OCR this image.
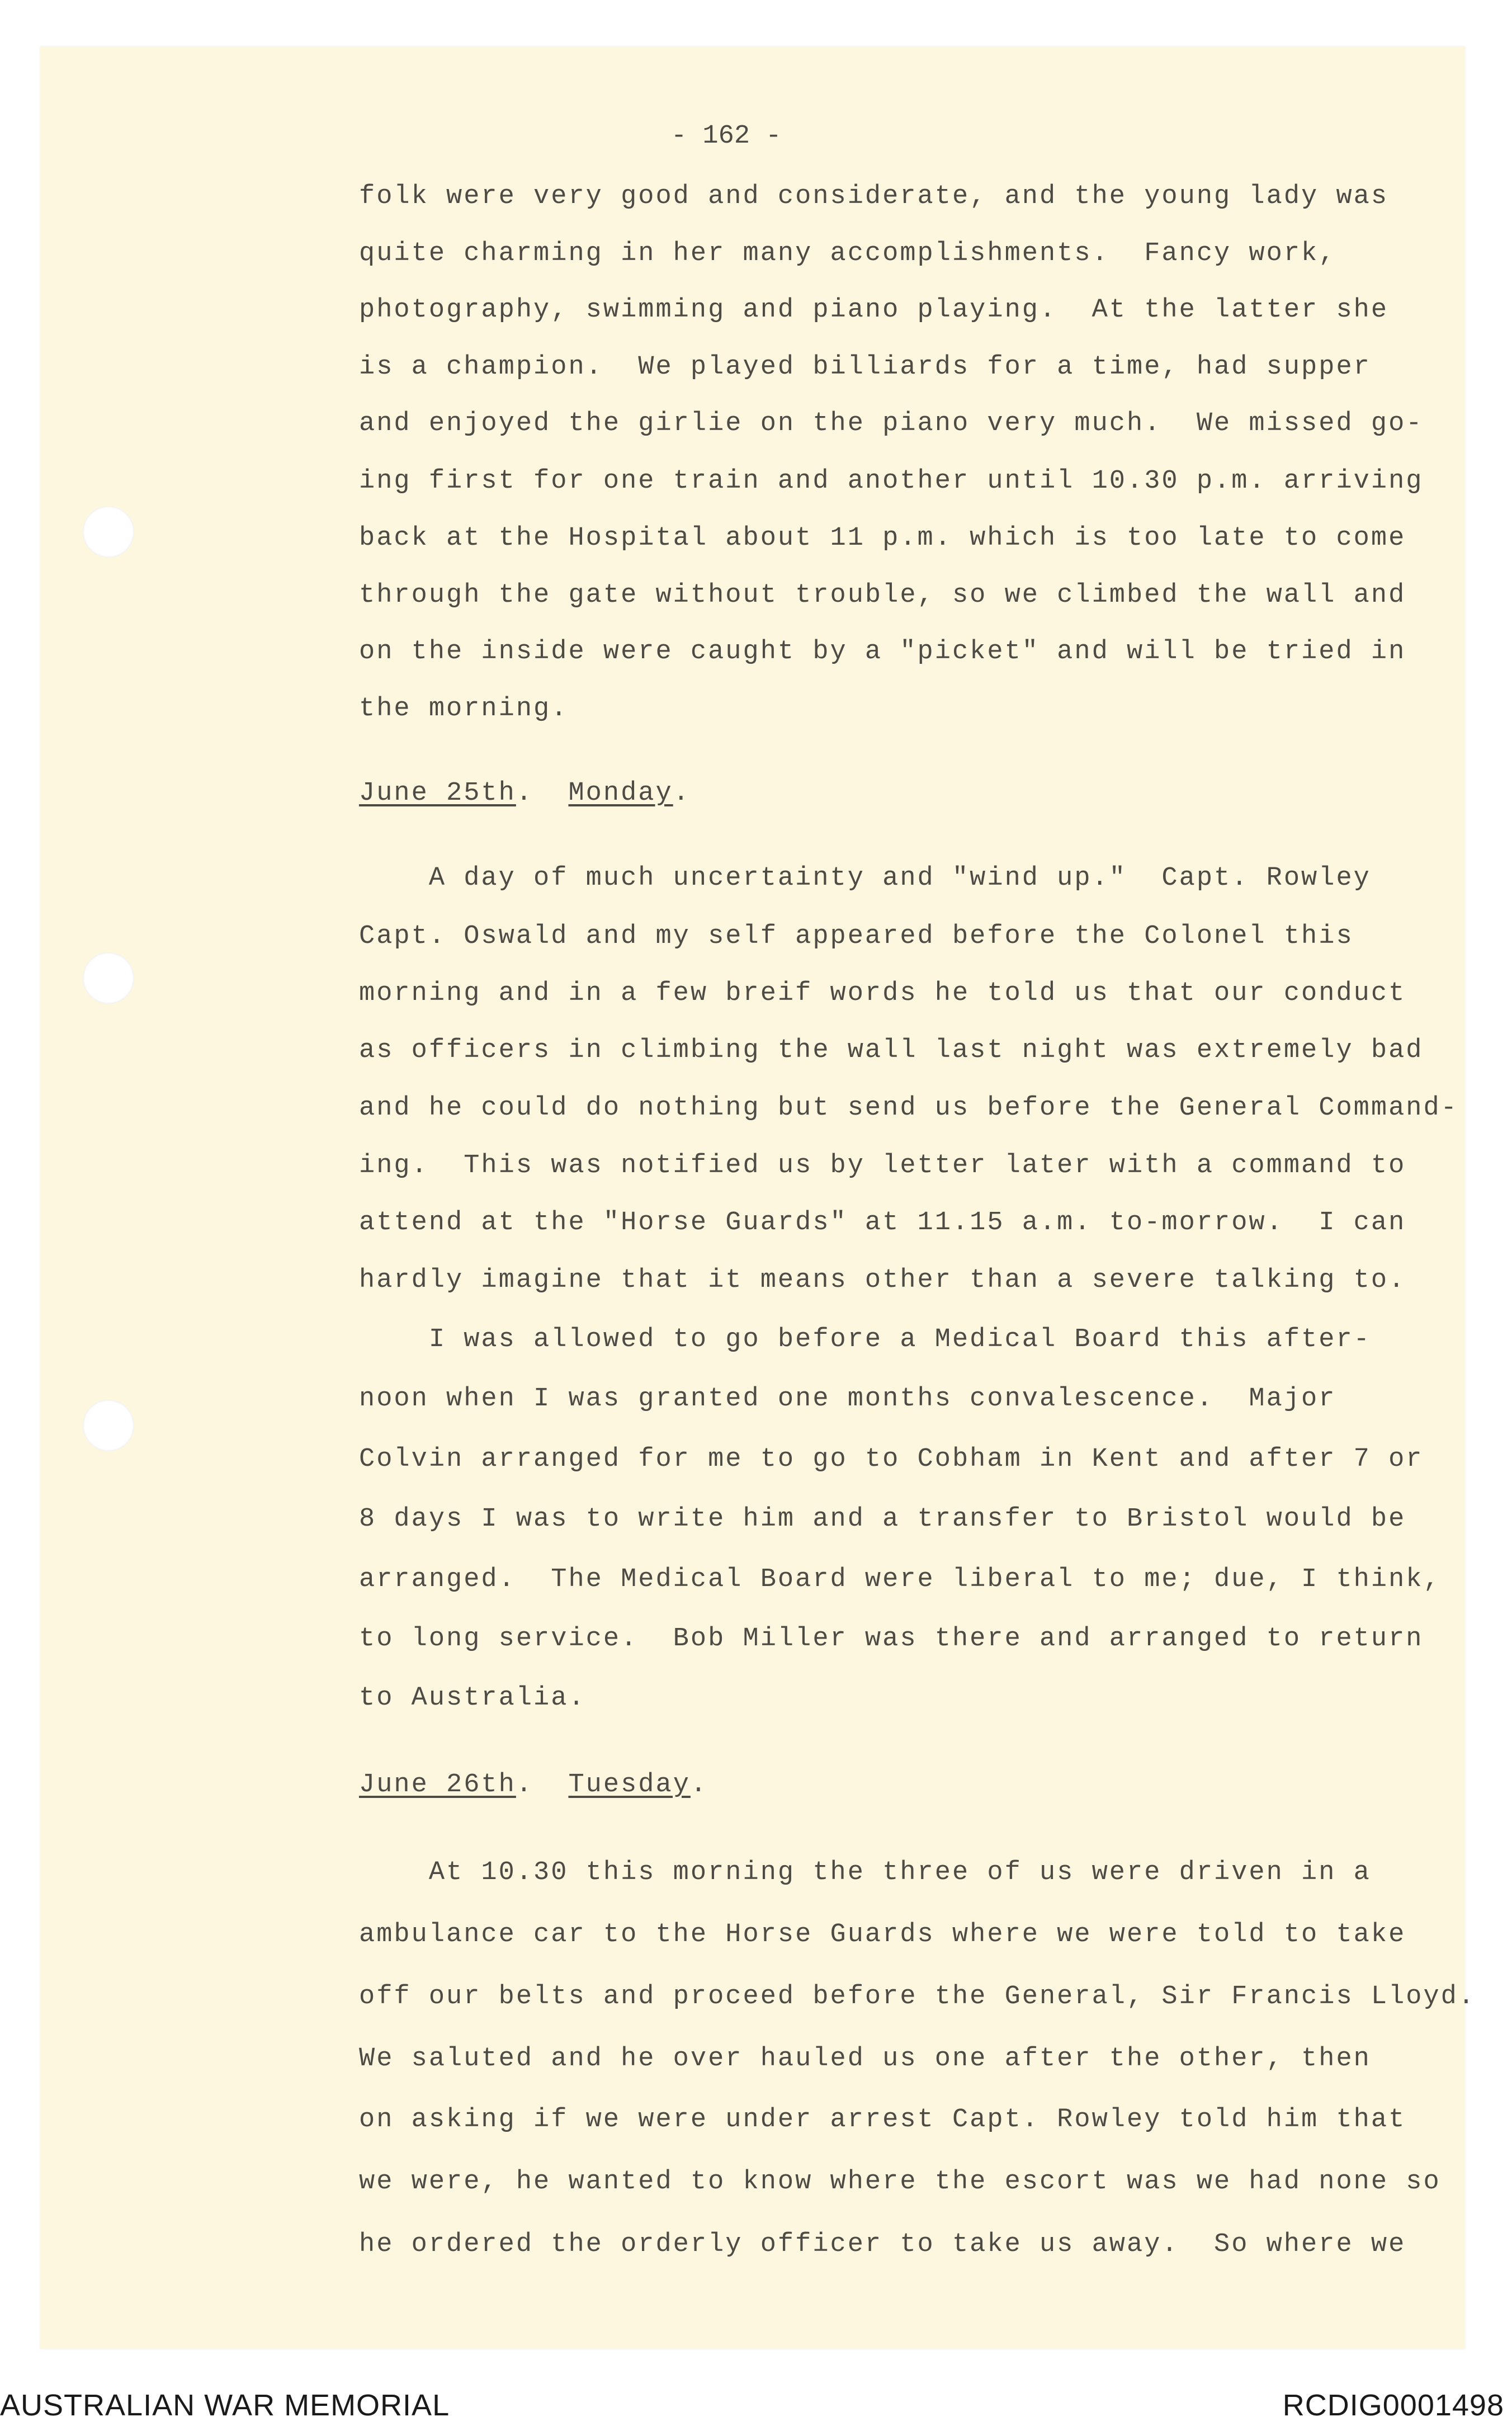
- 162 -
folk were very good and considerate, and the young lady was
quite charming in her many accomplishments.  Fancy work,
photography, swimming and piano playing.  At the latter she
is a champion.  We played billiards for a time, had supper
and enjoyed the girlie on the piano very much.  We missed go-
ing first for one train and another until 10.30 p.m. arriving
back at the Hospital about 11 p.m. which is too late to come
through the gate without trouble, so we climbed the wall and
on the inside were caught by a "picket" and will be tried in
the morning.
June 25th.  Monday.
A day of much uncertainty and "wind up."  Capt. Rowley
Capt. Oswald and my self appeared before the Colonel this
morning and in a few breif words he told us that our conduct
as officers in climbing the wall last night was extremely bad
and he could do nothing but send us before the General Command-
ing.  This was notified us by letter later with a command to
attend at the "Horse Guards" at 11.15 a.m. to-morrow.  I can
hardly imagine that it means other than a severe talking to.
I was allowed to go before a Medical Board this after-
noon when I was granted one months convalescence.  Major
Colvin arranged for me to go to Cobham in Kent and after 7 or
8 days I was to write him and a transfer to Bristol would be
arranged.  The Medical Board were liberal to me; due, I think,
to long service.  Bob Miller was there and arranged to return
to Australia.
June 26th.  Tuesday.
At 10.30 this morning the three of us were driven in a
ambulance car to the Horse Guards where we were told to take
off our belts and proceed before the General, Sir Francis Lloyd.
We saluted and he over hauled us one after the other, then
on asking if we were under arrest Capt. Rowley told him that
we were, he wanted to know where the escort was we had none so
he ordered the orderly officer to take us away.  So where we
AUSTRALIAN WAR MEMORIAL	RCDIG0001498
